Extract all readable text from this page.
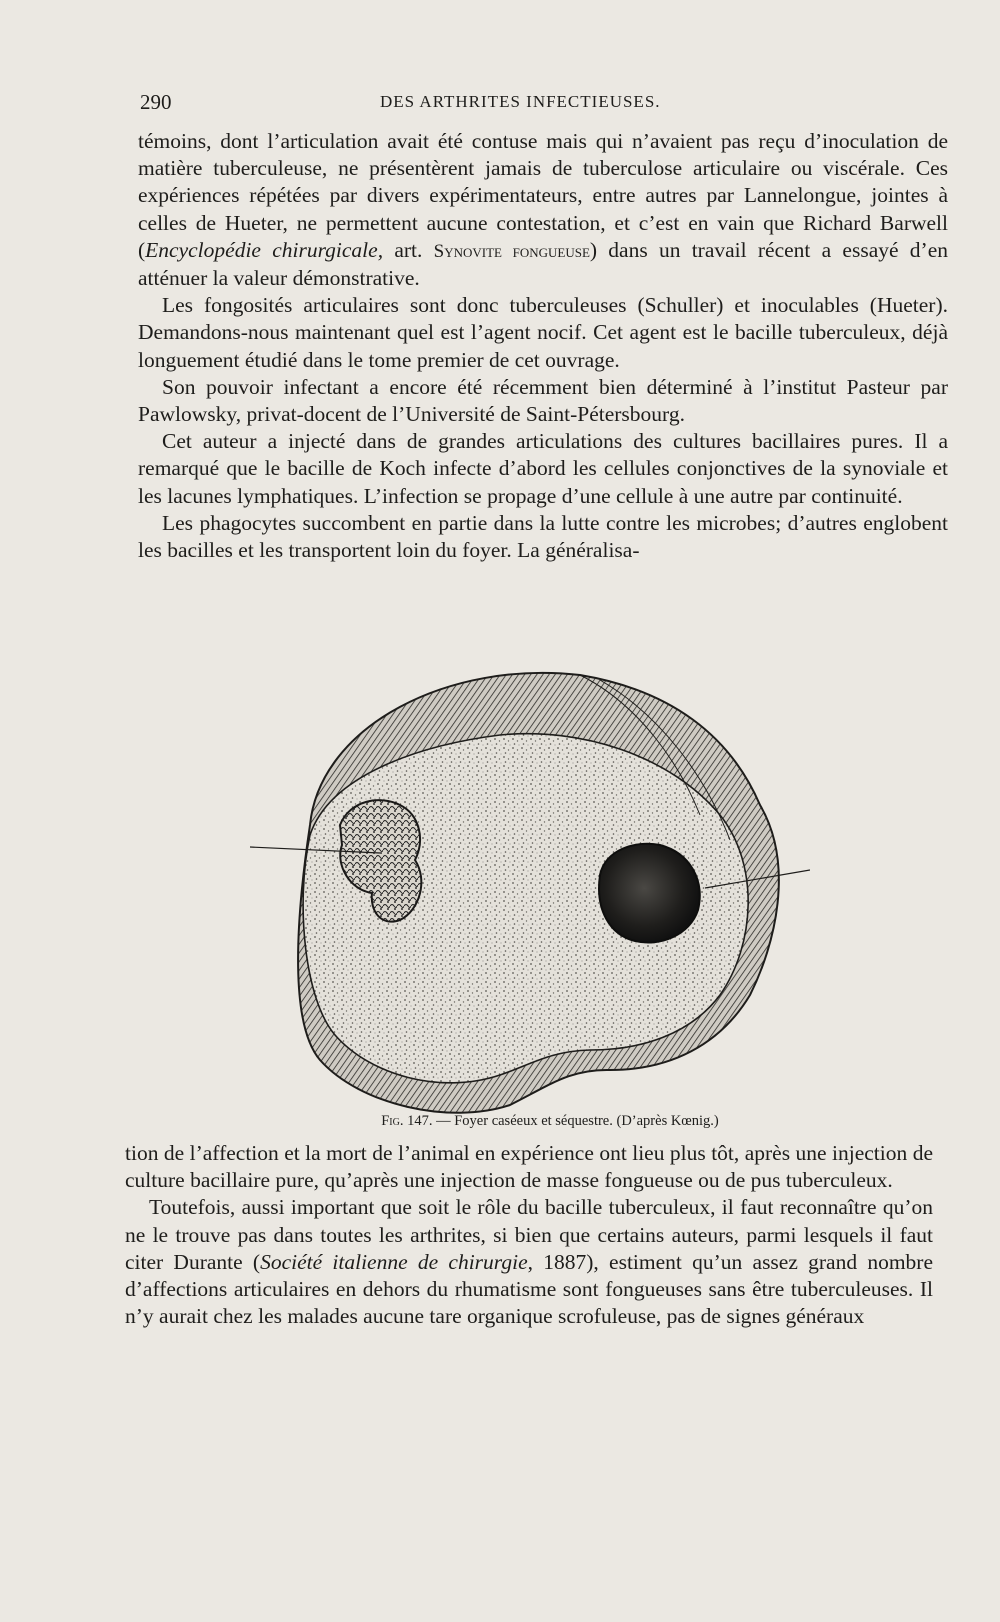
290	DES ARTHRITES INFECTIEUSES.

témoins, dont l’articulation avait été contuse mais qui n’avaient pas reçu d’inoculation de matière tuberculeuse, ne présentèrent jamais de tuberculose articulaire ou viscérale. Ces expériences répétées par divers expérimentateurs, entre autres par Lannelongue, jointes à celles de Hueter, ne permettent aucune contestation, et c’est en vain que Richard Barwell (Encyclopédie chirurgicale, art. Synovite fongueuse) dans un travail récent a essayé d’en atténuer la valeur démonstrative.

Les fongosités articulaires sont donc tuberculeuses (Schuller) et inoculables (Hueter). Demandons-nous maintenant quel est l’agent nocif. Cet agent est le bacille tuberculeux, déjà longuement étudié dans le tome premier de cet ouvrage.

Son pouvoir infectant a encore été récemment bien déterminé à l’institut Pasteur par Pawlowsky, privat-docent de l’Université de Saint-Pétersbourg.

Cet auteur a injecté dans de grandes articulations des cultures bacillaires pures. Il a remarqué que le bacille de Koch infecte d’abord les cellules conjonctives de la synoviale et les lacunes lymphatiques. L’infection se propage d’une cellule à une autre par continuité.

Les phagocytes succombent en partie dans la lutte contre les microbes; d’autres englobent les bacilles et les transportent loin du foyer. La généralisa-

Fig. 147. — Foyer caséeux et séquestre. (D’après Kœnig.)

tion de l’affection et la mort de l’animal en expérience ont lieu plus tôt, après une injection de culture bacillaire pure, qu’après une injection de masse fongueuse ou de pus tuberculeux.

Toutefois, aussi important que soit le rôle du bacille tuberculeux, il faut reconnaître qu’on ne le trouve pas dans toutes les arthrites, si bien que certains auteurs, parmi lesquels il faut citer Durante (Société italienne de chirurgie, 1887), estiment qu’un assez grand nombre d’affections articulaires en dehors du rhumatisme sont fongueuses sans être tuberculeuses. Il n’y aurait chez les malades aucune tare organique scrofuleuse, pas de signes généraux
